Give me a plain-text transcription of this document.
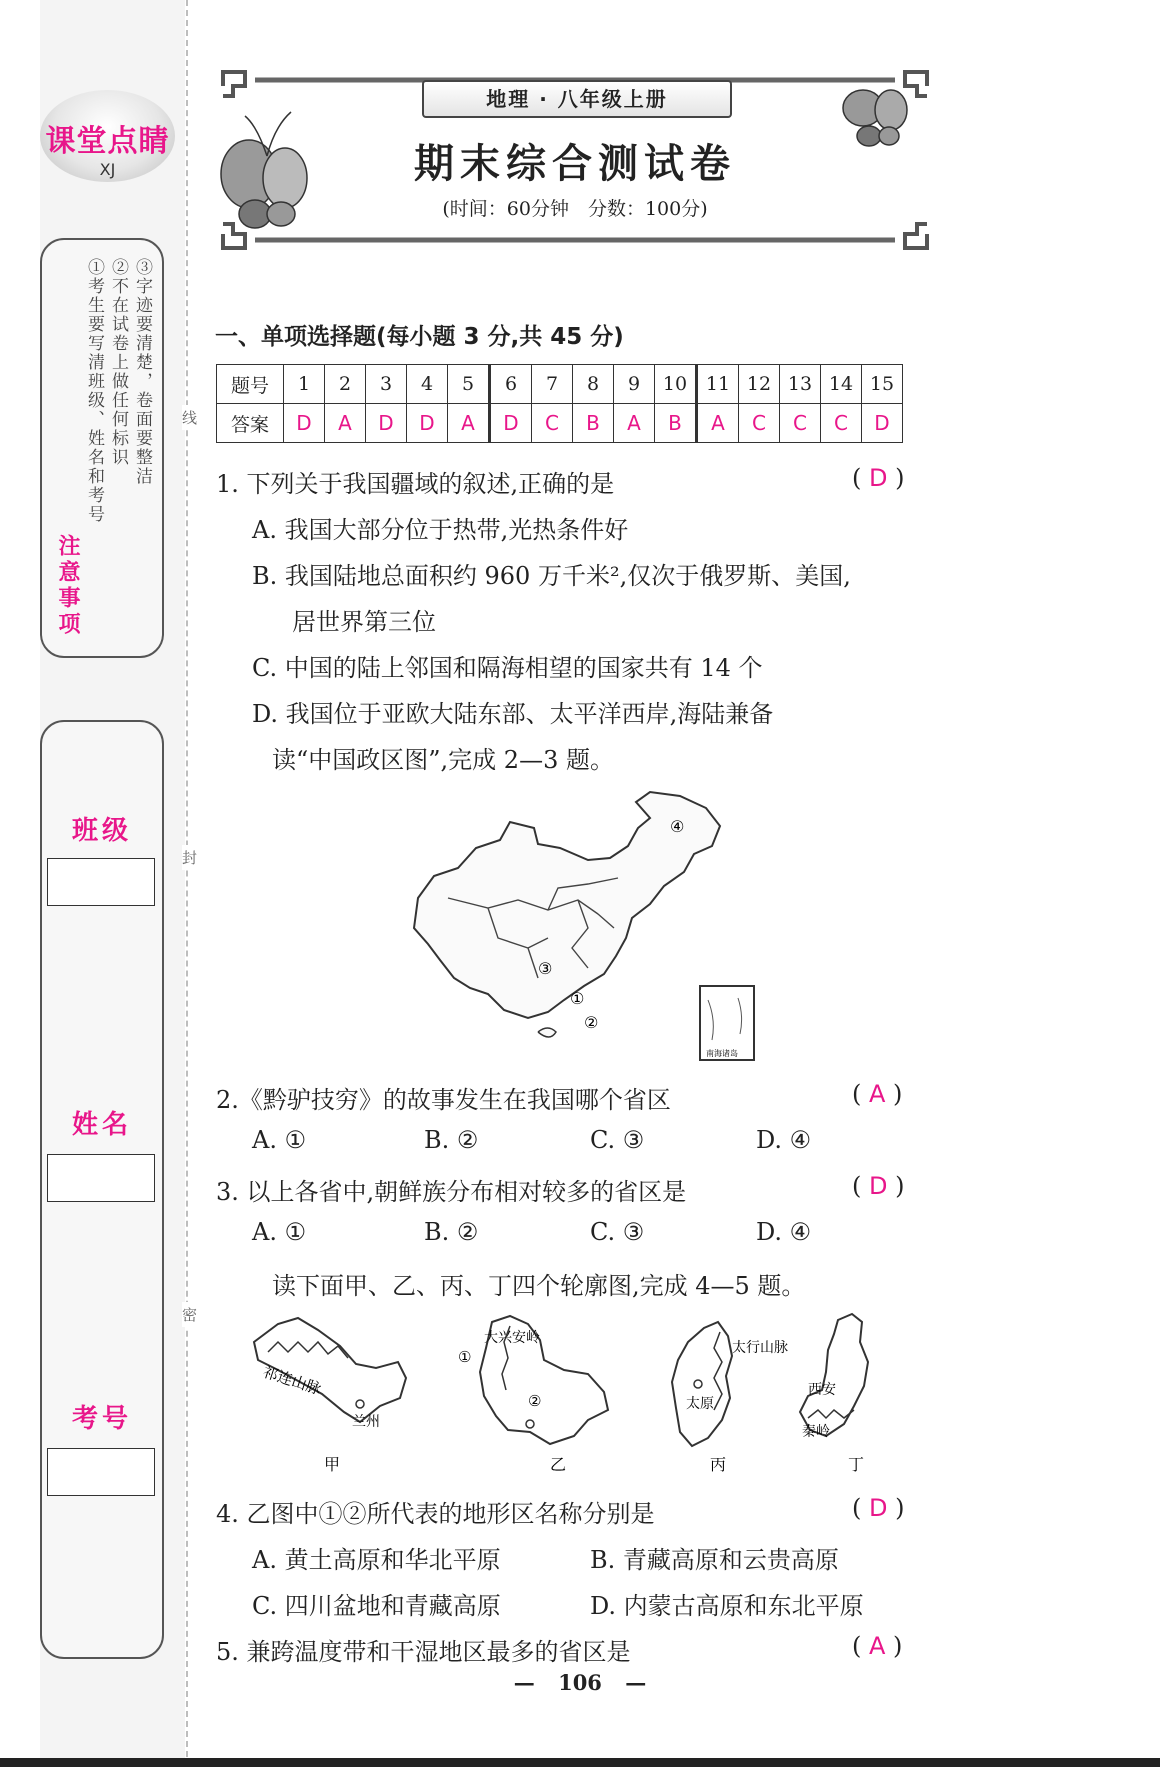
线
封
密
课堂点睛
XJ
①考生要写清班级、姓名和考号 ②不在试卷上做任何标识 ③字迹要清楚，卷面要整洁
注意事项
班级
姓名
考号
地理 · 八年级上册
期末综合测试卷
(时间：60分钟　分数：100分)
一、单项选择题(每小题 3 分,共 45 分)
题号	1	2	3	4	5	6	7	8	9	10	11	12	13	14	15
答案	D	A	D	D	A	D	C	B	A	B	A	C	C	C	D
1. 下列关于我国疆域的叙述,正确的是	( D )
A. 我国大部分位于热带,光热条件好
B. 我国陆地总面积约 960 万千米²,仅次于俄罗斯、美国,
居世界第三位
C. 中国的陆上邻国和隔海相望的国家共有 14 个
D. 我国位于亚欧大陆东部、太平洋西岸,海陆兼备
读“中国政区图”,完成 2—3 题。
④
③
①
②
南海诸岛
2.《黔驴技穷》的故事发生在我国哪个省区	( A )
A. ①	B. ②	C. ③	D. ④
3. 以上各省中,朝鲜族分布相对较多的省区是	( D )
A. ①	B. ②	C. ③	D. ④
读下面甲、乙、丙、丁四个轮廓图,完成 4—5 题。
祁连山脉
兰州
甲
大兴安岭
①
②
乙
太行山脉
太原
丙
西安
秦岭
丁
4. 乙图中①②所代表的地形区名称分别是	( D )
A. 黄土高原和华北平原	B. 青藏高原和云贵高原
C. 四川盆地和青藏高原	D. 内蒙古高原和东北平原
5. 兼跨温度带和干湿地区最多的省区是	( A )
— 106 —
